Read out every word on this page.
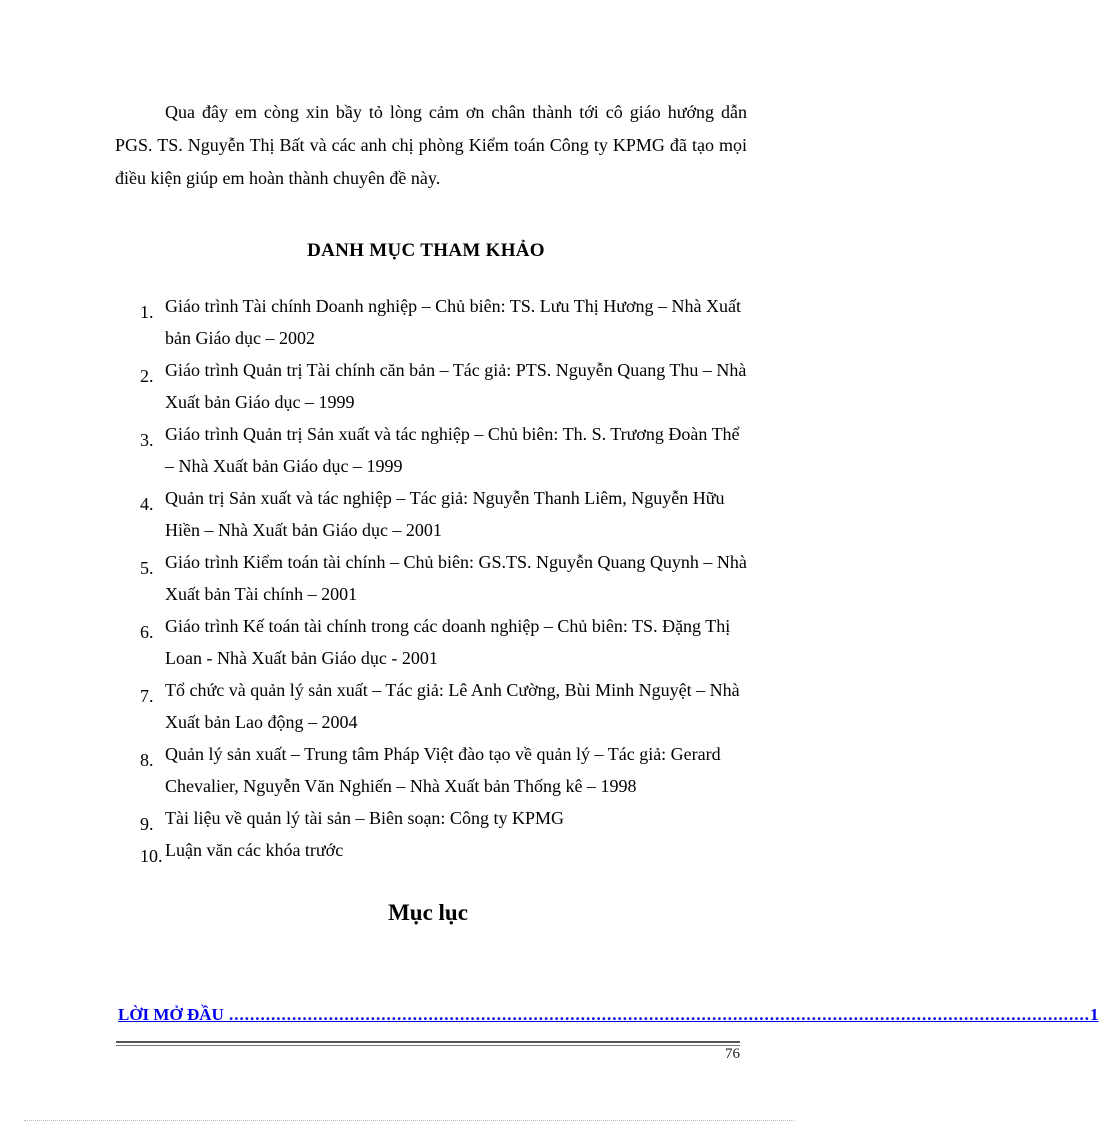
Qua đây em còng xin bầy tỏ lòng cảm ơn chân thành tới cô giáo hướng dẫn PGS. TS. Nguyễn Thị Bất và các anh chị phòng Kiểm toán Công ty KPMG đã tạo mọi điều kiện giúp em hoàn thành chuyên đề này.

DANH MỤC THAM KHẢO
1. Giáo trình Tài chính Doanh nghiệp – Chủ biên: TS. Lưu Thị Hương – Nhà Xuất bản Giáo dục – 2002
2. Giáo trình Quản trị Tài chính căn bản – Tác giả: PTS. Nguyễn Quang Thu – Nhà Xuất bản Giáo dục – 1999
3. Giáo trình Quản trị Sản xuất và tác nghiệp – Chủ biên: Th. S. Trương Đoàn Thể – Nhà Xuất bản Giáo dục – 1999
4. Quản trị Sản xuất và tác nghiệp – Tác giả: Nguyễn Thanh Liêm, Nguyễn Hữu Hiền – Nhà Xuất bản Giáo dục – 2001
5. Giáo trình Kiểm toán tài chính – Chủ biên: GS.TS. Nguyễn Quang Quynh – Nhà Xuất bản Tài chính – 2001
6. Giáo trình Kế toán tài chính trong các doanh nghiệp – Chủ biên: TS. Đặng Thị Loan - Nhà Xuất bản Giáo dục - 2001
7. Tổ chức và quản lý sản xuất – Tác giả: Lê Anh Cường, Bùi Minh Nguyệt – Nhà Xuất bản Lao động – 2004
8. Quản lý sản xuất – Trung tâm Pháp Việt đào tạo về quản lý – Tác giả: Gerard Chevalier, Nguyễn Văn Nghiến – Nhà Xuất bản Thống kê – 1998
9. Tài liệu về quản lý tài sản – Biên soạn: Công ty KPMG
10. Luận văn các khóa trước
Mục lục
LỜI MỞ ĐẦU .................................................................................................................................................................... 1
76
